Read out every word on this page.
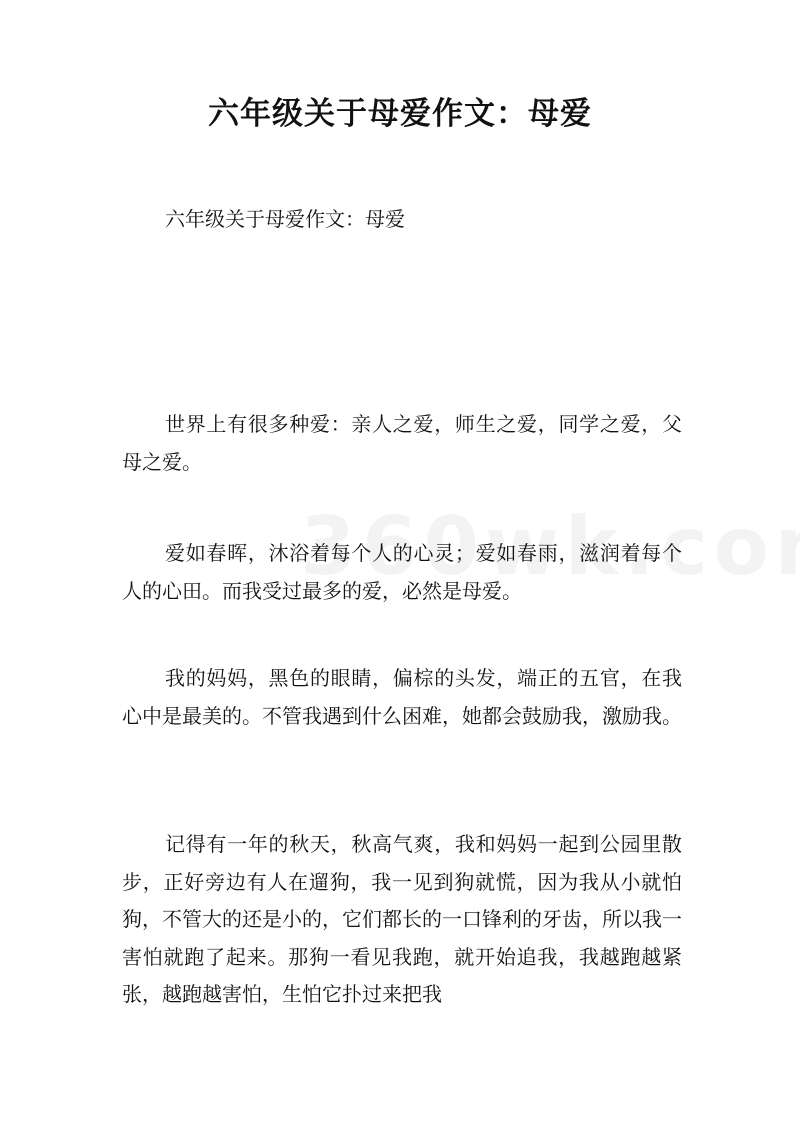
六年级关于母爱作文：母爱
六年级关于母爱作文：母爱

世界上有很多种爱：亲人之爱，师生之爱，同学之爱，父母之爱。

爱如春晖，沐浴着每个人的心灵；爱如春雨，滋润着每个人的心田。而我受过最多的爱，必然是母爱。

我的妈妈，黑色的眼睛，偏棕的头发，端正的五官，在我心中是最美的。不管我遇到什么困难，她都会鼓励我，激励我。

记得有一年的秋天，秋高气爽，我和妈妈一起到公园里散步，正好旁边有人在遛狗，我一见到狗就慌，因为我从小就怕狗，不管大的还是小的，它们都长的一口锋利的牙齿，所以我一害怕就跑了起来。那狗一看见我跑，就开始追我，我越跑越紧张，越跑越害怕，生怕它扑过来把我
